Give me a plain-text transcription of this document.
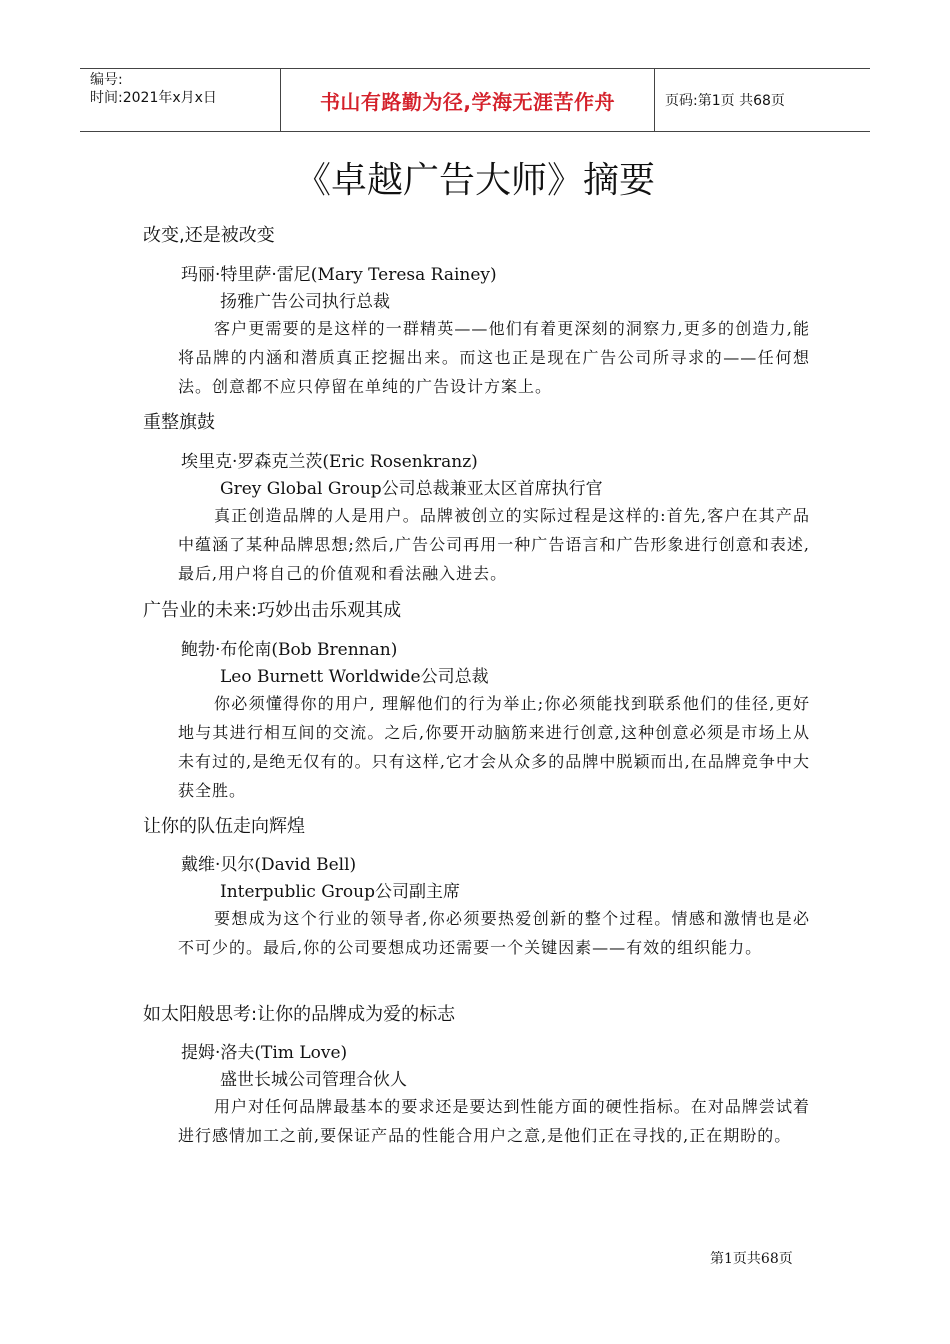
编号:
时间:2021年x月x日	书山有路勤为径,学海无涯苦作舟	页码:第1页 共68页
《卓越广告大师》摘要
改变,还是被改变
玛丽·特里萨·雷尼(Mary Teresa Rainey)
扬雅广告公司执行总裁
客户更需要的是这样的一群精英——他们有着更深刻的洞察力,更多的创造力,能将品牌的内涵和潜质真正挖掘出来。而这也正是现在广告公司所寻求的——任何想法。创意都不应只停留在单纯的广告设计方案上。
重整旗鼓
埃里克·罗森克兰茨(Eric Rosenkranz)
Grey Global Group公司总裁兼亚太区首席执行官
真正创造品牌的人是用户。品牌被创立的实际过程是这样的:首先,客户在其产品中蕴涵了某种品牌思想;然后,广告公司再用一种广告语言和广告形象进行创意和表述,最后,用户将自己的价值观和看法融入进去。
广告业的未来:巧妙出击乐观其成
鲍勃·布伦南(Bob Brennan)
Leo Burnett Worldwide公司总裁
你必须懂得你的用户, 理解他们的行为举止;你必须能找到联系他们的佳径,更好地与其进行相互间的交流。之后,你要开动脑筋来进行创意,这种创意必须是市场上从未有过的,是绝无仅有的。只有这样,它才会从众多的品牌中脱颖而出,在品牌竞争中大获全胜。
让你的队伍走向辉煌
戴维·贝尔(David Bell)
Interpublic Group公司副主席
要想成为这个行业的领导者,你必须要热爱创新的整个过程。情感和激情也是必不可少的。最后,你的公司要想成功还需要一个关键因素——有效的组织能力。
如太阳般思考:让你的品牌成为爱的标志
提姆·洛夫(Tim Love)
盛世长城公司管理合伙人
用户对任何品牌最基本的要求还是要达到性能方面的硬性指标。在对品牌尝试着进行感情加工之前,要保证产品的性能合用户之意,是他们正在寻找的,正在期盼的。
第1页共68页
